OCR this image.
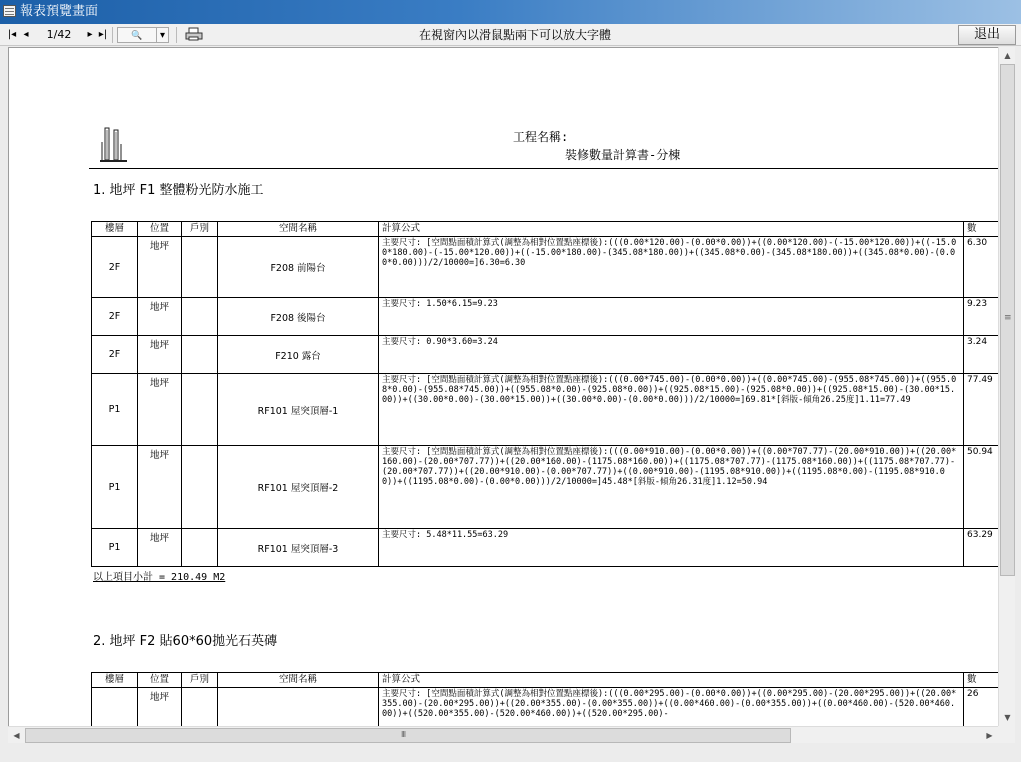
報表預覽畫面
|◂ ◂	1/42	▸ ▸|	🔍	▾	在視窗內以滑鼠點兩下可以放大字體	退出
工程名稱:
裝修數量計算書-分棟
1. 地坪 F1 整體粉光防水施工
樓層	位置	戶別	空間名稱	計算公式	數
2F	地坪		F208 前陽台	主要尺寸: [空間點面積計算式(調整為相對位置點座標後):(((0.00*120.00)-(0.00*0.00))+((0.00*120.00)-(-15.00*120.00))+((-15.00*180.00)-(-15.00*120.00))+((-15.00*180.00)-(345.08*180.00))+((345.08*0.00)-(345.08*180.00))+((345.08*0.00)-(0.00*0.00)))/2/10000=]6.30=6.30	6.30
2F	地坪		F208 後陽台	主要尺寸: 1.50*6.15=9.23	9.23
2F	地坪		F210 露台	主要尺寸: 0.90*3.60=3.24	3.24
P1	地坪		RF101 屋突頂層-1	主要尺寸: [空間點面積計算式(調整為相對位置點座標後):(((0.00*745.00)-(0.00*0.00))+((0.00*745.00)-(955.08*745.00))+((955.08*0.00)-(955.08*745.00))+((955.08*0.00)-(925.08*0.00))+((925.08*15.00)-(925.08*0.00))+((925.08*15.00)-(30.00*15.00))+((30.00*0.00)-(30.00*15.00))+((30.00*0.00)-(0.00*0.00)))/2/10000=]69.81*[斜版-傾角26.25度]1.11=77.49	77.49
P1	地坪		RF101 屋突頂層-2	主要尺寸: [空間點面積計算式(調整為相對位置點座標後):(((0.00*910.00)-(0.00*0.00))+((0.00*707.77)-(20.00*910.00))+((20.00*160.00)-(20.00*707.77))+((20.00*160.00)-(1175.08*160.00))+((1175.08*707.77)-(1175.08*160.00))+((1175.08*707.77)-(20.00*707.77))+((20.00*910.00)-(0.00*707.77))+((0.00*910.00)-(1195.08*910.00))+((1195.08*0.00)-(1195.08*910.00))+((1195.08*0.00)-(0.00*0.00)))/2/10000=]45.48*[斜版-傾角26.31度]1.12=50.94	50.94
P1	地坪		RF101 屋突頂層-3	主要尺寸: 5.48*11.55=63.29	63.29
以上項目小計 = 210.49 M2
2. 地坪 F2 貼60*60拋光石英磚
樓層	位置	戶別	空間名稱	計算公式	數
	地坪			主要尺寸: [空間點面積計算式(調整為相對位置點座標後):(((0.00*295.00)-(0.00*0.00))+((0.00*295.00)-(20.00*295.00))+((20.00*355.00)-(20.00*295.00))+((20.00*355.00)-(0.00*355.00))+((0.00*460.00)-(0.00*355.00))+((0.00*460.00)-(520.00*460.00))+((520.00*355.00)-(520.00*460.00))+((520.00*295.00)-	26
▲
≡
▼
◀ III	▶
